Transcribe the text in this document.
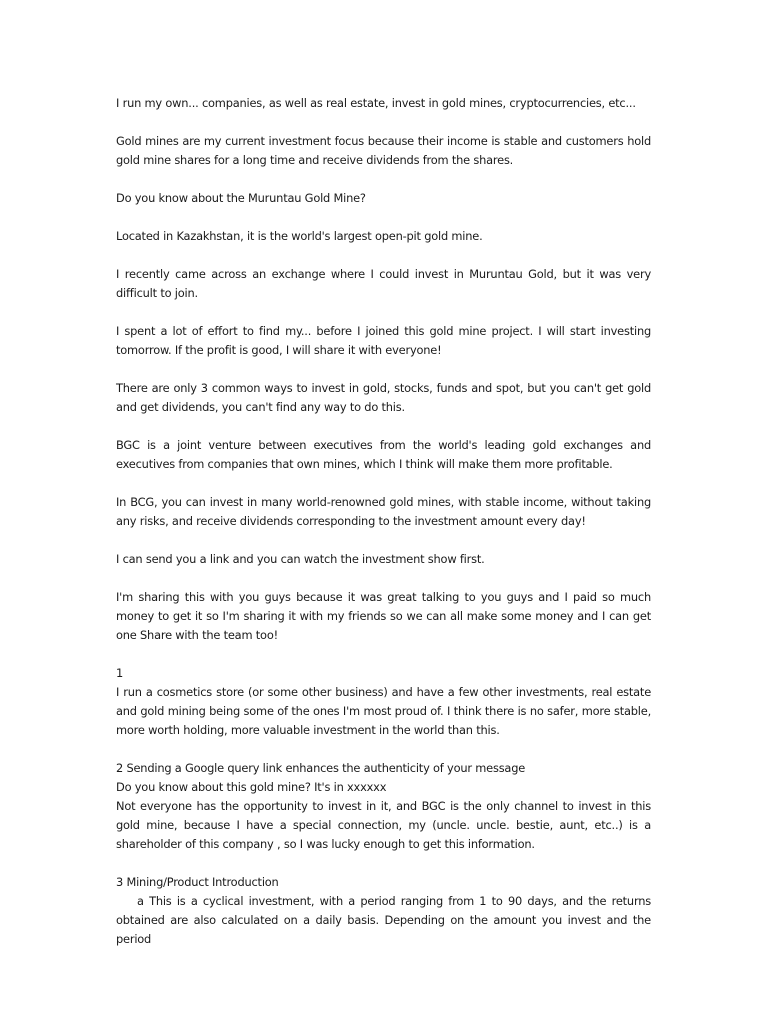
I run my own... companies, as well as real estate, invest in gold mines, cryptocurrencies, etc...

Gold mines are my current investment focus because their income is stable and customers hold gold mine shares for a long time and receive dividends from the shares.

Do you know about the Muruntau Gold Mine?

Located in Kazakhstan, it is the world's largest open-pit gold mine.

I recently came across an exchange where I could invest in Muruntau Gold, but it was very difficult to join.

I spent a lot of effort to find my... before I joined this gold mine project. I will start investing tomorrow. If the profit is good, I will share it with everyone!

There are only 3 common ways to invest in gold, stocks, funds and spot, but you can't get gold and get dividends, you can't find any way to do this.

BGC is a joint venture between executives from the world's leading gold exchanges and executives from companies that own mines, which I think will make them more profitable.

In BCG, you can invest in many world-renowned gold mines, with stable income, without taking any risks, and receive dividends corresponding to the investment amount every day!

I can send you a link and you can watch the investment show first.

I'm sharing this with you guys because it was great talking to you guys and I paid so much money to get it so I'm sharing it with my friends so we can all make some money and I can get one Share with the team too!

1
I run a cosmetics store (or some other business) and have a few other investments, real estate and gold mining being some of the ones I'm most proud of. I think there is no safer, more stable, more worth holding, more valuable investment in the world than this.
2 Sending a Google query link enhances the authenticity of your message
Do you know about this gold mine? It's in xxxxxx
Not everyone has the opportunity to invest in it, and BGC is the only channel to invest in this gold mine, because I have a special connection, my (uncle. uncle. bestie, aunt, etc..) is a shareholder of this company , so I was lucky enough to get this information.
3 Mining/Product Introduction
a This is a cyclical investment, with a period ranging from 1 to 90 days, and the returns obtained are also calculated on a daily basis. Depending on the amount you invest and the period
